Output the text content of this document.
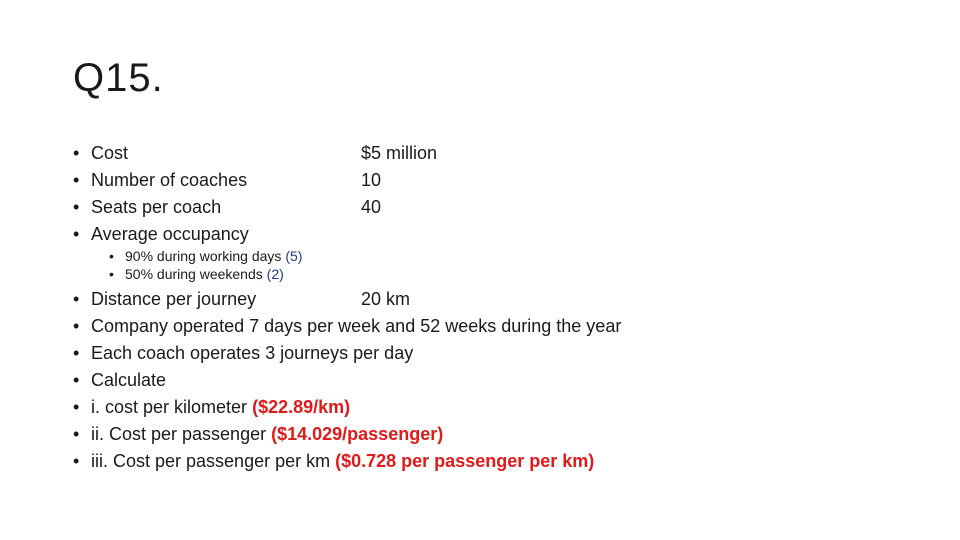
Q15.
• Cost	$5 million
• Number of coaches	10
• Seats per coach	40
• Average occupancy
• 90% during working days (5)
• 50% during weekends (2)
• Distance per journey	20 km
• Company operated 7 days per week and 52 weeks during the year
• Each coach operates 3 journeys per day
• Calculate
• i. cost per kilometer ($22.89/km)
• ii. Cost per passenger ($14.029/passenger)
• iii. Cost per passenger per km ($0.728 per passenger per km)
